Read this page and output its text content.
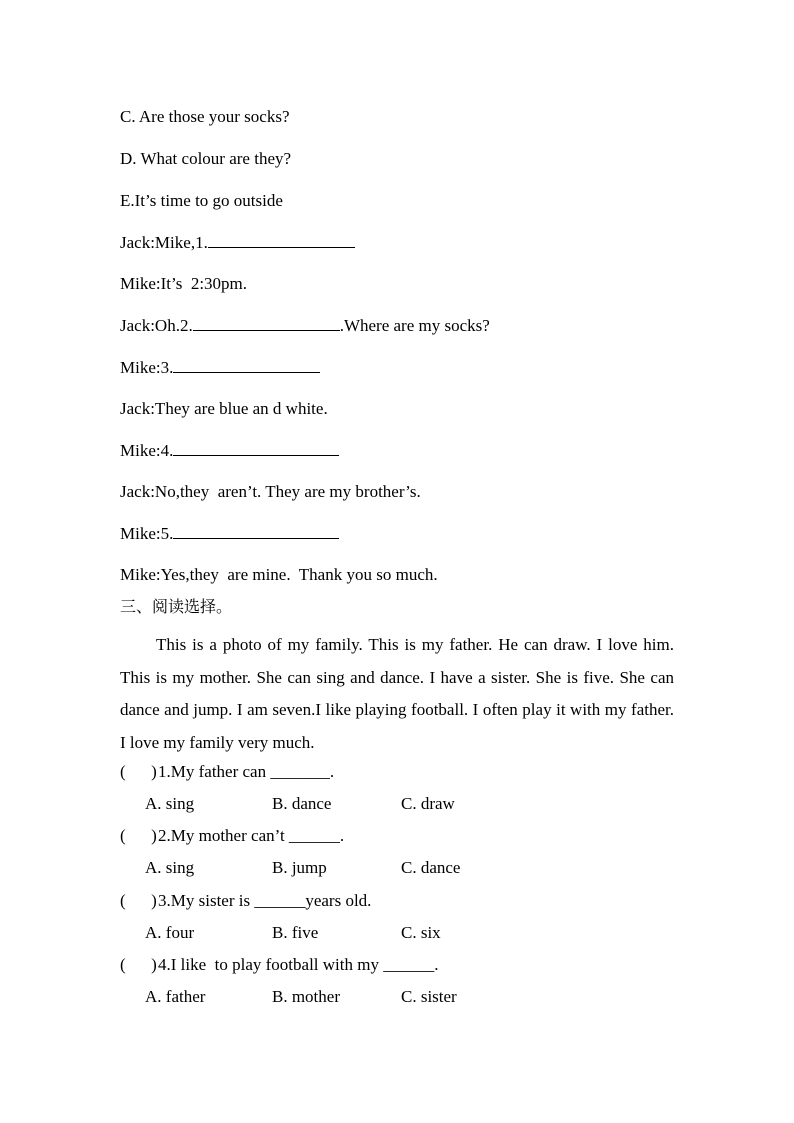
C. Are those your socks?
D. What colour are they?
E.It’s time to go outside
Jack:Mike,1.
Mike:It’s  2:30pm.
Jack:Oh.2.	.Where are my socks?
Mike:3.
Jack:They are blue an d white.
Mike:4.
Jack:No,they  aren’t. They are my brother’s.
Mike:5.
Mike:Yes,they  are mine.  Thank you so much.
三、阅读选择。
This is a photo of my family. This is my father. He can draw. I love him. This is my mother. She can sing and dance. I have a sister. She is five. She can dance and jump. I am seven.I like playing football. I often play it with my father. I love my family very much.
(      )1.My father can _______.

A. sing

	B. dance

	C. draw

(      )2.My mother can’t ______.

A. sing

	B. jump

	C. dance

(      )3.My sister is ______years old.

A. four

	B. five

	C. six

(      )4.I like  to play football with my ______.

A. father

	B. mother

	C. sister
